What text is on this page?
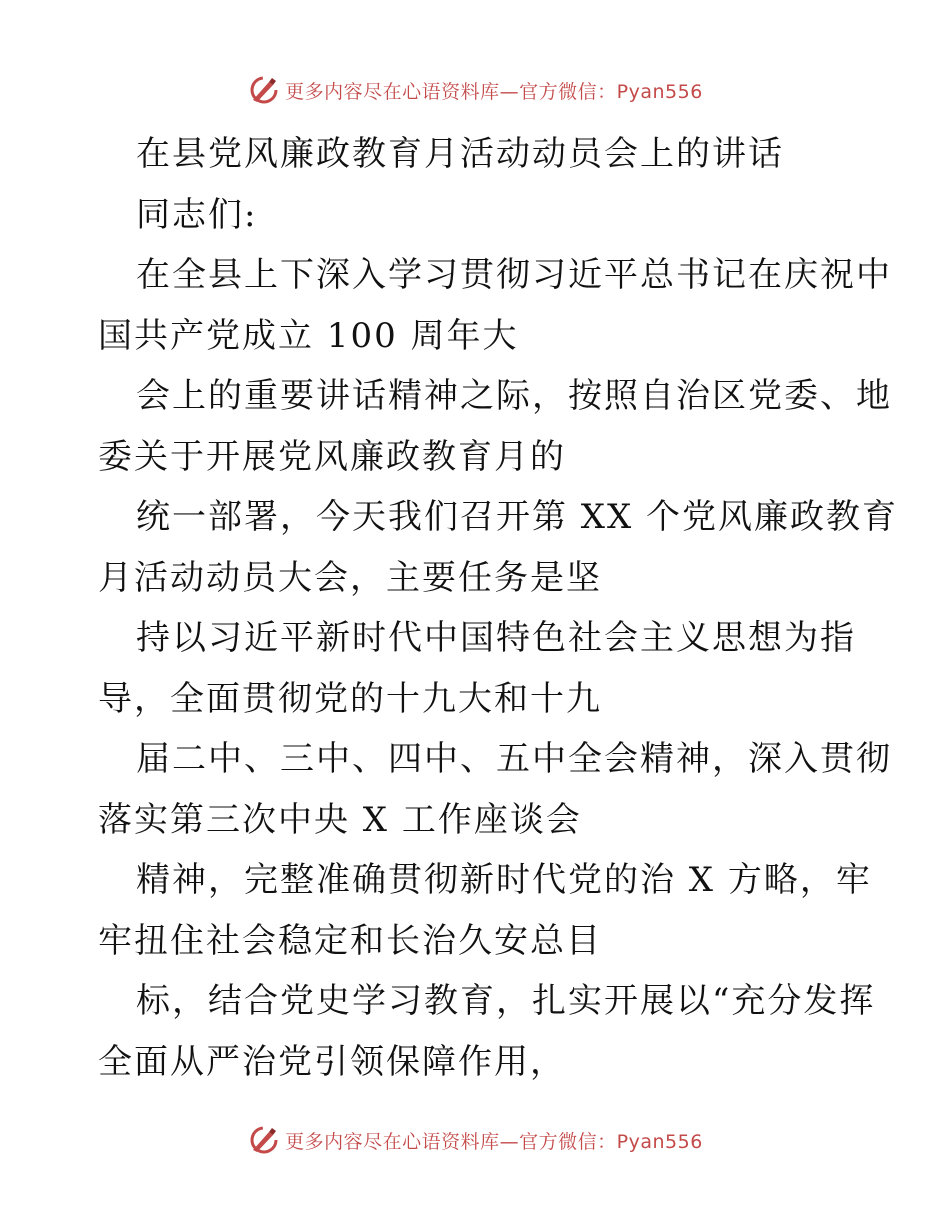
更多内容尽在心语资料库—官方微信：Pyan556
在县党风廉政教育月活动动员会上的讲话
同志们:
在全县上下深入学习贯彻习近平总书记在庆祝中
国共产党成立 100 周年大
会上的重要讲话精神之际，按照自治区党委、地
委关于开展党风廉政教育月的
统一部署，今天我们召开第 XX 个党风廉政教育
月活动动员大会，主要任务是坚
持以习近平新时代中国特色社会主义思想为指
导，全面贯彻党的十九大和十九
届二中、三中、四中、五中全会精神，深入贯彻
落实第三次中央 X 工作座谈会
精神，完整准确贯彻新时代党的治 X 方略，牢
牢扭住社会稳定和长治久安总目
标，结合党史学习教育，扎实开展以“充分发挥
全面从严治党引领保障作用，
更多内容尽在心语资料库—官方微信：Pyan556
